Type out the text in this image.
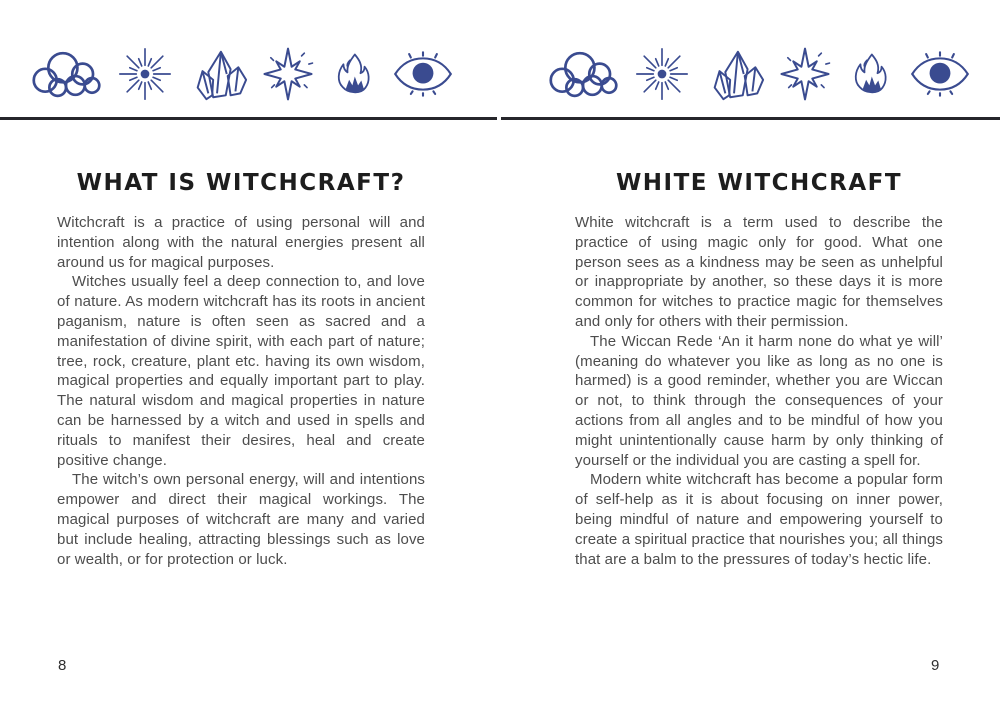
WHAT IS WITCHCRAFT?

Witchcraft is a practice of using personal will and intention along with the natural energies present all around us for magical purposes.

Witches usually feel a deep connection to, and love of nature. As modern witchcraft has its roots in ancient paganism, nature is often seen as sacred and a manifestation of divine spirit, with each part of nature; tree, rock, creature, plant etc. having its own wisdom, magical properties and equally important part to play. The natural wisdom and magical properties in nature can be harnessed by a witch and used in spells and rituals to manifest their desires, heal and create positive change.

The witch’s own personal energy, will and intentions empower and direct their magical workings. The magical purposes of witchcraft are many and varied but include healing, attracting blessings such as love or wealth, or for protection or luck.

WHITE WITCHCRAFT

White witchcraft is a term used to describe the practice of using magic only for good. What one person sees as a kindness may be seen as unhelpful or inappropriate by another, so these days it is more common for witches to practice magic for themselves and only for others with their permission.

The Wiccan Rede ‘An it harm none do what ye will’ (meaning do whatever you like as long as no one is harmed) is a good reminder, whether you are Wiccan or not, to think through the consequences of your actions from all angles and to be mindful of how you might unintentionally cause harm by only thinking of yourself or the individual you are casting a spell for.

Modern white witchcraft has become a popular form of self-help as it is about focusing on inner power, being mindful of nature and empowering yourself to create a spiritual practice that nourishes you; all things that are a balm to the pressures of today’s hectic life.

8	9
